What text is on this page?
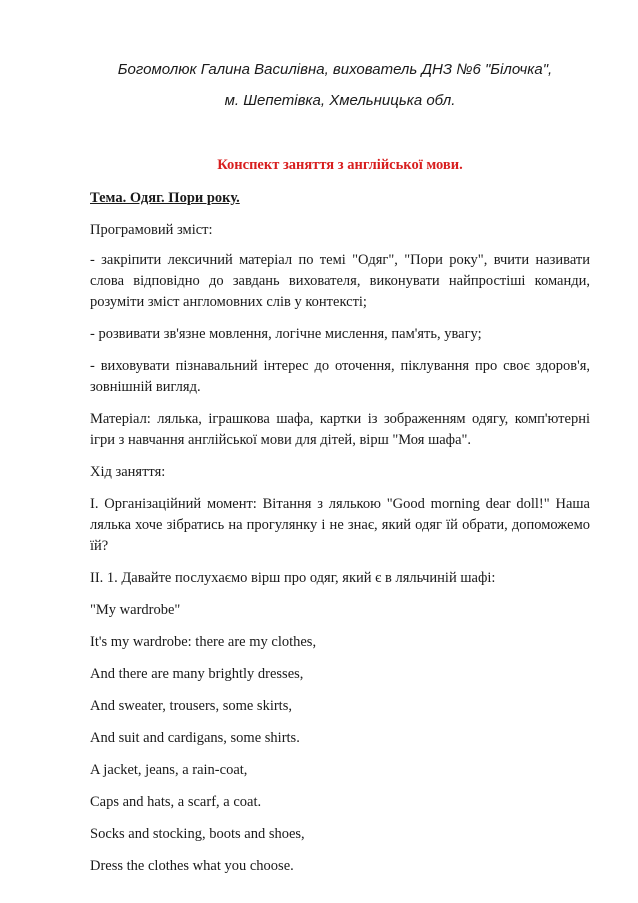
Богомолюк Галина Василівна, вихователь ДНЗ №6 "Білочка",

м. Шепетівка, Хмельницька обл.

Конспект заняття з англійської мови.

Тема. Одяг. Пори року.

Програмовий зміст:

- закріпити лексичний матеріал по темі "Одяг", "Пори року", вчити називати слова відповідно до завдань вихователя, виконувати найпростіші команди, розуміти зміст англомовних слів у контексті;

- розвивати зв'язне мовлення, логічне мислення, пам'ять, увагу;

- виховувати пізнавальний інтерес до оточення, піклування про своє здоров'я, зовнішній вигляд.

Матеріал: лялька, іграшкова шафа, картки із зображенням одягу, комп'ютерні ігри з навчання англійської мови для дітей, вірш "Моя шафа".

Хід заняття:

I. Організаційний момент: Вітання з лялькою "Good morning dear doll!" Наша лялька хоче зібратись на прогулянку і не знає, який одяг їй обрати, допоможемо їй?

II. 1. Давайте послухаємо вірш про одяг, який є в ляльчиній шафі:

"My wardrobe"
It's my wardrobe: there are my clothes,
And there are many brightly dresses,
And sweater, trousers, some skirts,
And suit and cardigans, some shirts.
A jacket, jeans, a rain-coat,
Caps and hats, a scarf, a coat.
Socks and stocking, boots and shoes,
Dress the clothes what you choose.
